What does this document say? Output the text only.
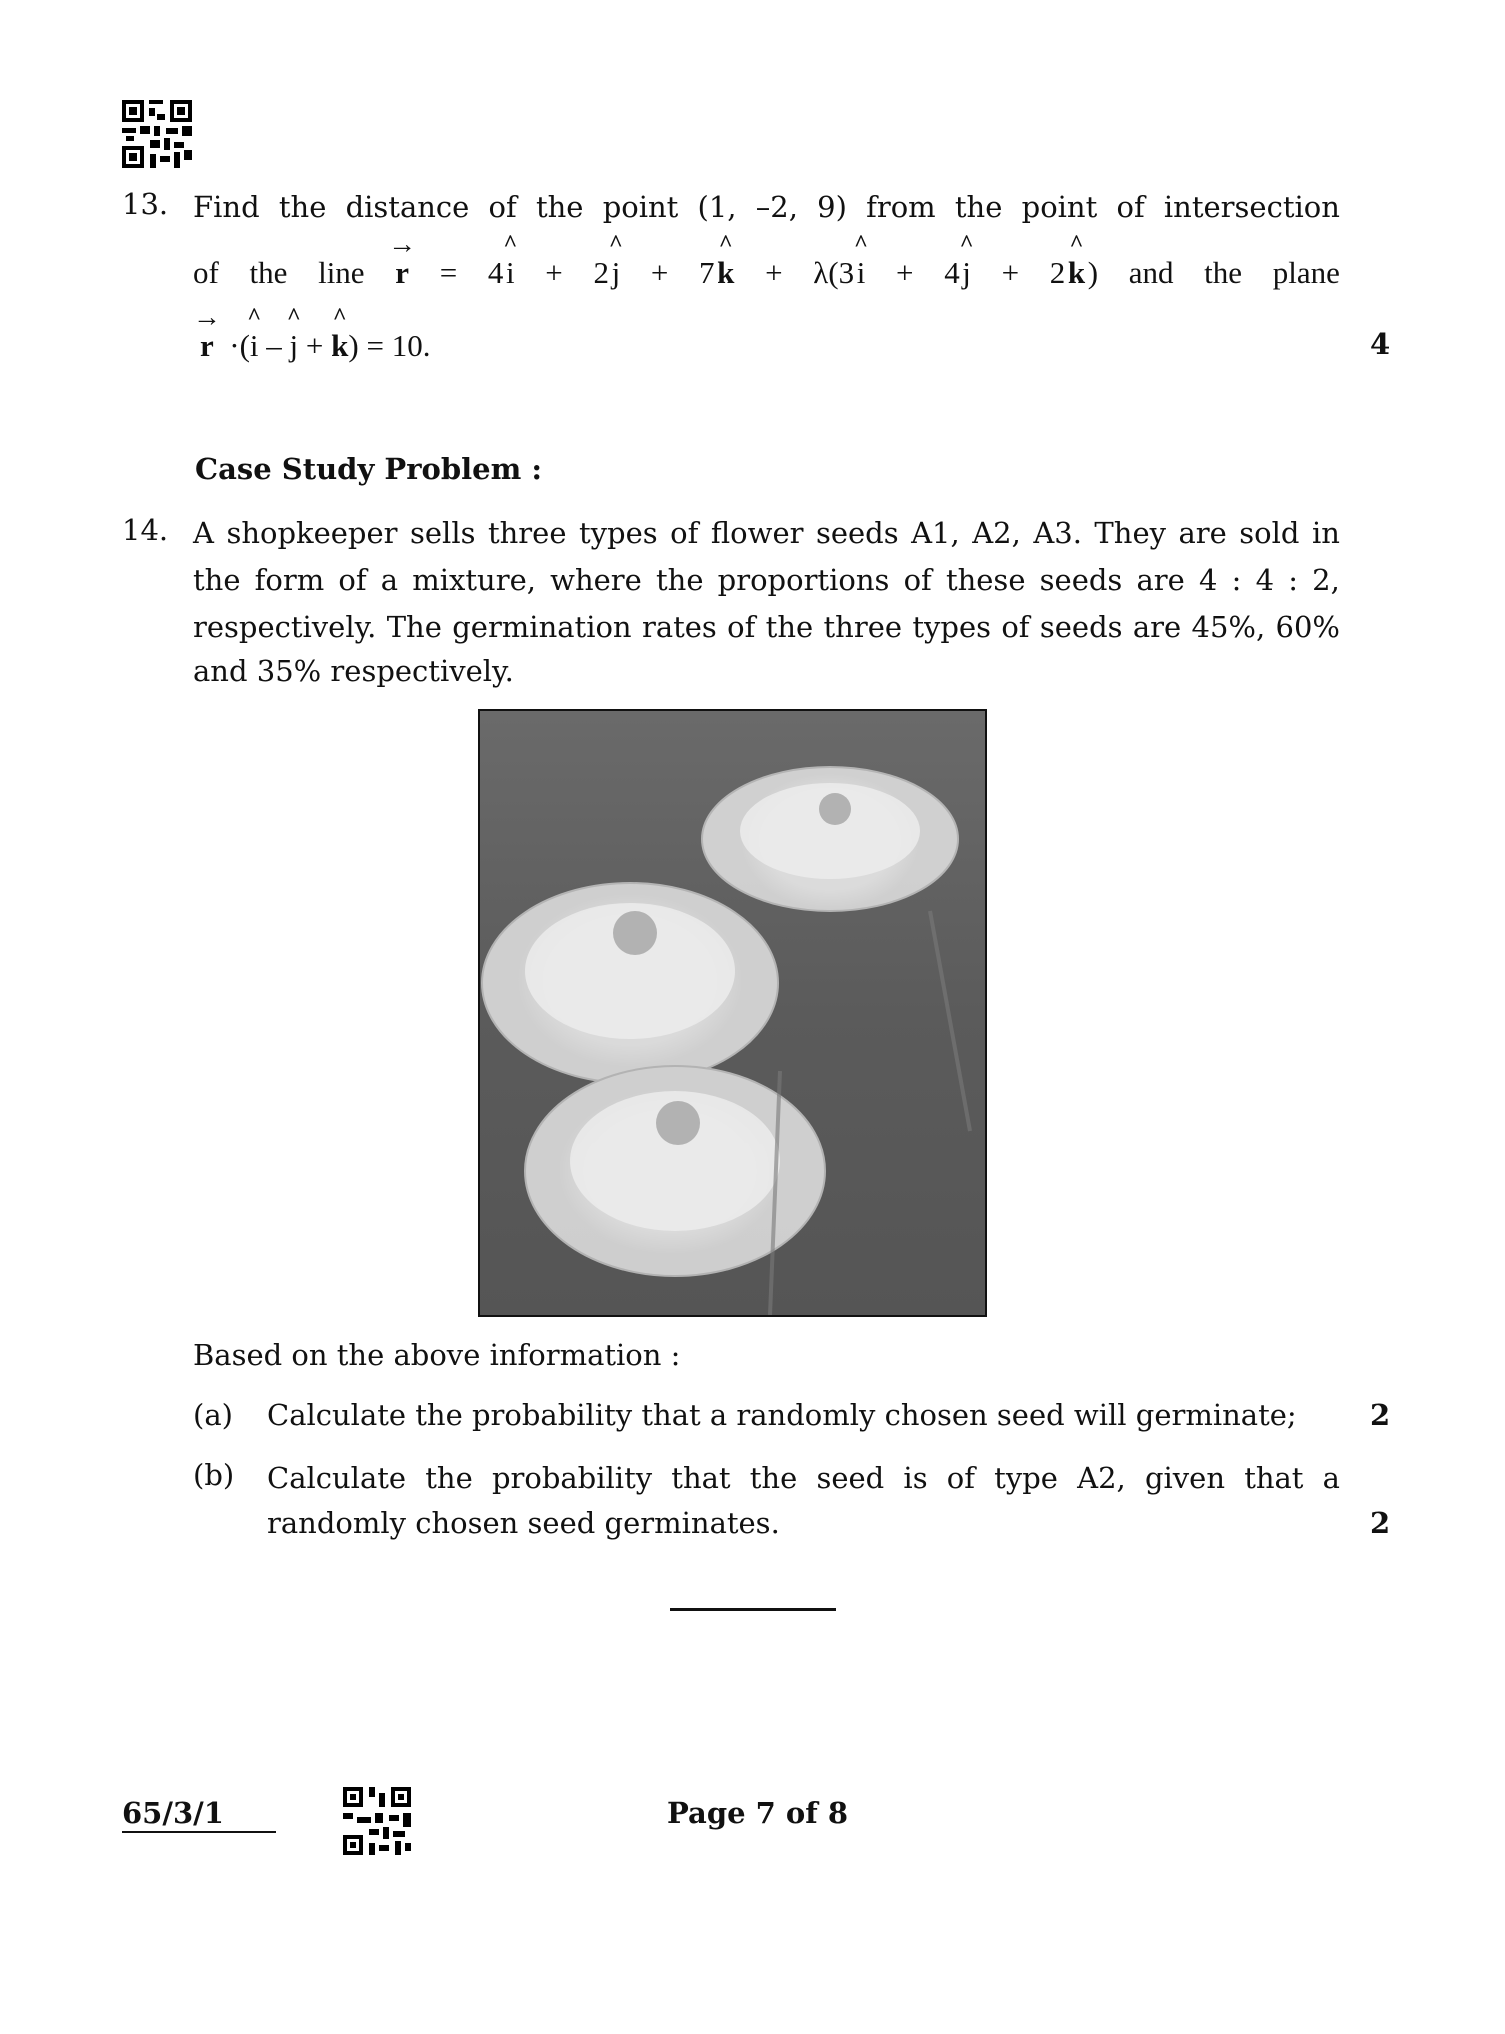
13. Find the distance of the point (1, –2, 9) from the point of intersection
of the line → r = 4 ^ i + 2 ^ j + 7 ^ k + λ(3 ^ i + 4 ^ j + 2 ^ k ) and the plane
→ r ·(^ i – ^ j + ^ k) = 10.	4
Case Study Problem :
14. A shopkeeper sells three types of flower seeds A1, A2, A3. They are sold in
the form of a mixture, where the proportions of these seeds are 4 : 4 : 2,
respectively. The germination rates of the three types of seeds are 45%, 60%
and 35% respectively.
Based on the above information :
(a) Calculate the probability that a randomly chosen seed will germinate;	2
(b) Calculate the probability that the seed is of type A2, given that a
randomly chosen seed germinates.	2
65/3/1	Page 7 of 8
